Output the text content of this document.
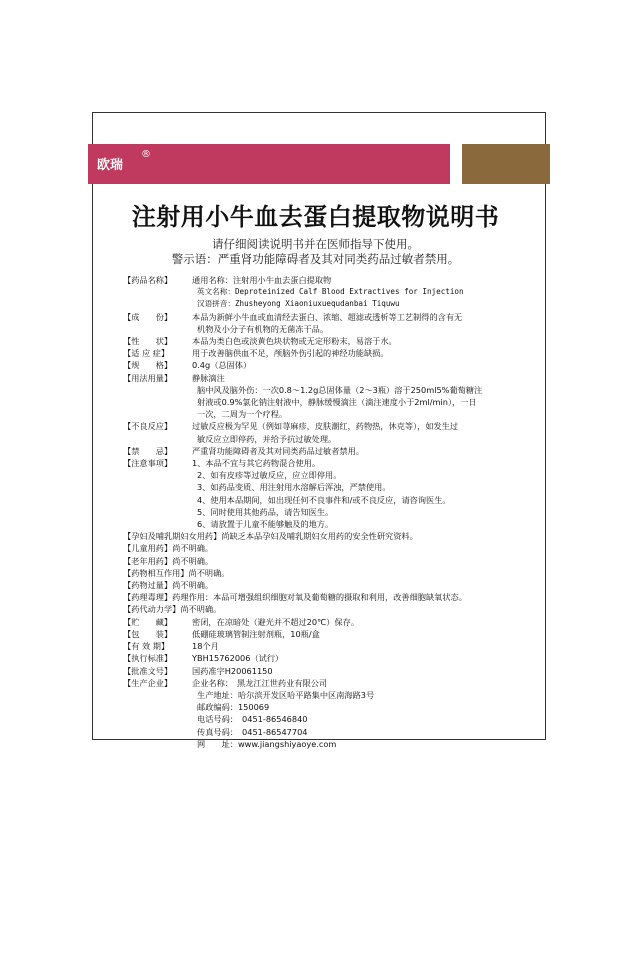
欧瑞
®
注射用小牛血去蛋白提取物说明书
请仔细阅读说明书并在医师指导下使用。
警示语：严重肾功能障碍者及其对同类药品过敏者禁用。
【药品名称】	通用名称：注射用小牛血去蛋白提取物
英文名称：Deproteinized Calf Blood Extractives for Injection
汉语拼音：Zhusheyong Xiaoniuxuequdanbai Tiquwu
【成　　份】	本品为新鲜小牛血或血清经去蛋白、浓缩、超滤或透析等工艺制得的含有无
机物及小分子有机物的无菌冻干品。
【性　　状】	本品为类白色或淡黄色块状物或无定形粉末，易溶于水。
【适 应 症】	用于改善脑供血不足，颅脑外伤引起的神经功能缺损。
【规　　格】	0.4g（总固体）
【用法用量】	静脉滴注
脑中风及脑外伤：一次0.8～1.2g总固体量（2～3瓶）溶于250ml5%葡萄糖注
射液或0.9%氯化钠注射液中，静脉缓慢滴注（滴注速度小于2ml/min），一日
一次，二周为一个疗程。
【不良反应】	过敏反应极为罕见（例如荨麻疹，皮肤潮红，药物热，休克等），如发生过
敏反应立即停药，并给予抗过敏处理。
【禁　　忌】	严重肾功能障碍者及其对同类药品过敏者禁用。
【注意事项】	1、本品不宜与其它药物混合使用。
2、如有皮疹等过敏反应，应立即停用。
3、如药品变质、用注射用水溶解后浑浊，严禁使用。
4、使用本品期间，如出现任何不良事件和/或不良反应，请咨询医生。
5、同时使用其他药品，请告知医生。
6、请放置于儿童不能够触及的地方。
【孕妇及哺乳期妇女用药】 尚缺乏本品孕妇及哺乳期妇女用药的安全性研究资料。
【儿童用药】 尚不明确。
【老年用药】 尚不明确。
【药物相互作用】 尚不明确。
【药物过量】 尚不明确。
【药理毒理】 药理作用：本品可增强组织细胞对氧及葡萄糖的摄取和利用，改善细胞缺氧状态。
【药代动力学】 尚不明确。
【贮　　藏】	密闭，在凉暗处（避光并不超过20℃）保存。
【包　　装】	低硼硅玻璃管制注射剂瓶，10瓶/盒
【有 效 期】	18个月
【执行标准】	YBH15762006（试行）
【批准文号】	国药准字H20061150
【生产企业】	企业名称：　黑龙江江世药业有限公司
生产地址：哈尔滨开发区哈平路集中区南海路3号
邮政编码：150069
电话号码：　0451-86546840
传真号码：　0451-86547704
网　　址：www.jiangshiyaoye.com
